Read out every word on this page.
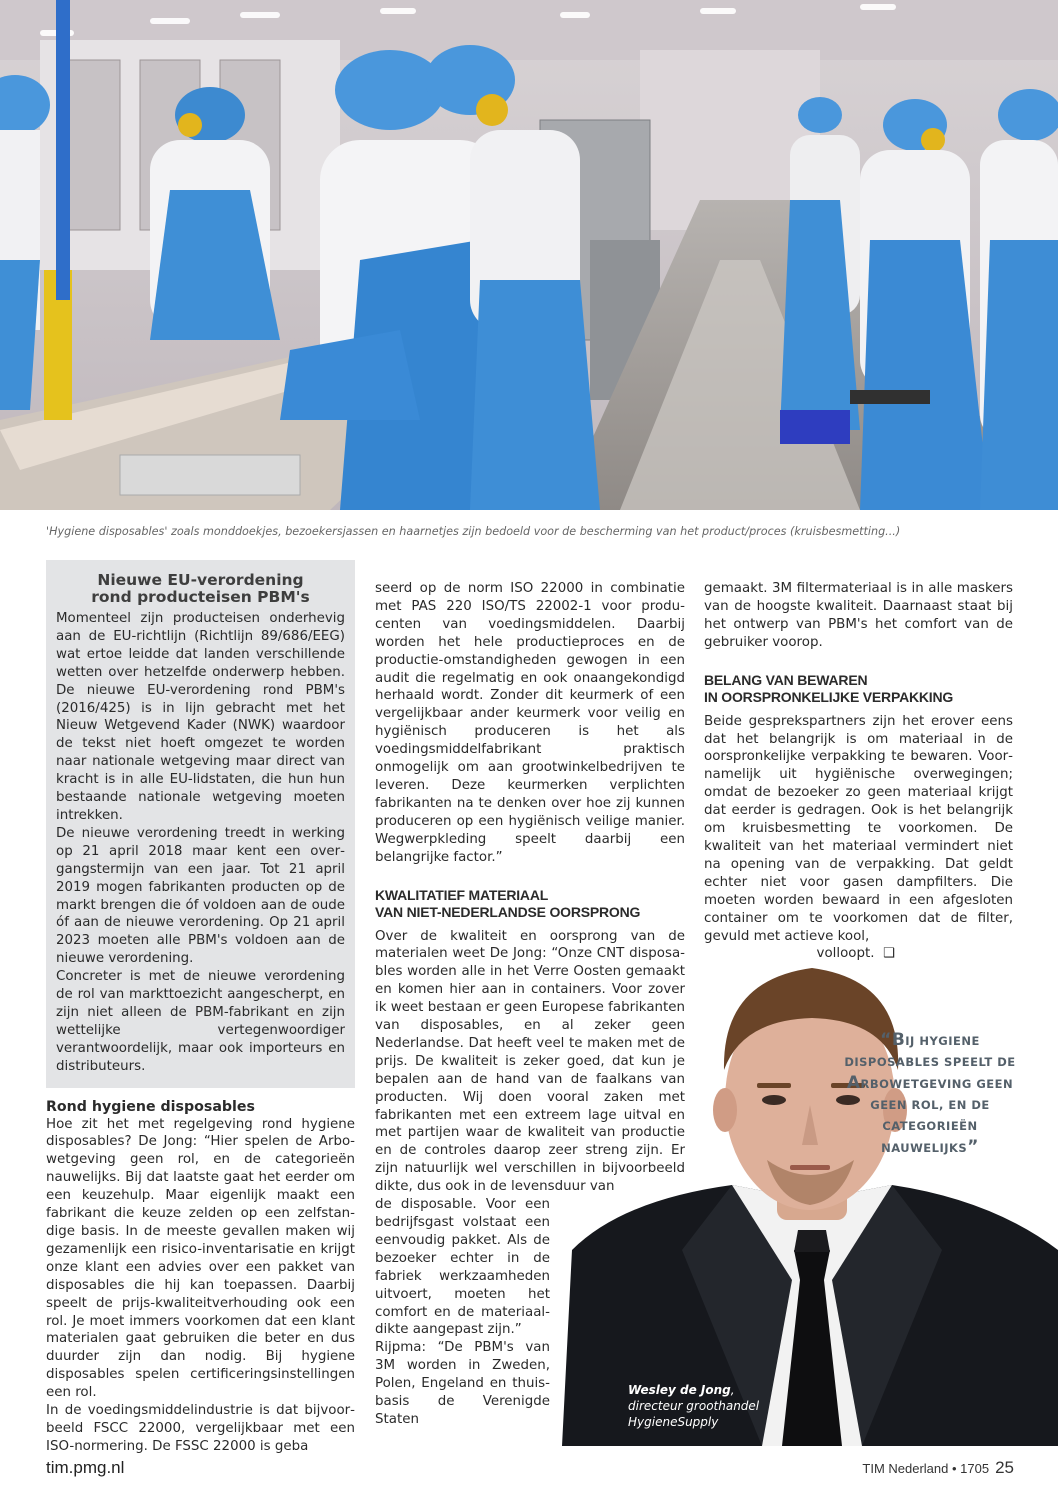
'Hygiene disposables' zoals monddoekjes, bezoekersjassen en haarnetjes zijn bedoeld voor de bescherming van het product/proces (kruisbesmetting...)
Nieuwe EU-verordening
rond producteisen PBM's

Momenteel zijn producteisen onderhevig aan de EU-richtlijn (Richtlijn 89/686/EEG) wat ertoe leidde dat landen verschillende wetten over hetzelfde onderwerp hebben. De nieuwe EU-verordening rond PBM's (2016/425) is in lijn gebracht met het Nieuw Wetgevend Kader (NWK) waardoor de tekst niet hoeft omgezet te worden naar nationale wetgeving maar direct van kracht is in alle EU-lidstaten, die hun hun bestaande nationale wetgeving moeten intrekken.

De nieuwe verordening treedt in werking op 21 april 2018 maar kent een overgangstermijn van een jaar. Tot 21 april 2019 mogen fabrikanten producten op de markt brengen die óf voldoen aan de oude óf aan de nieuwe verordening. Op 21 april 2023 moeten alle PBM's voldoen aan de nieuwe verordening.

Concreter is met de nieuwe verordening de rol van markttoezicht aangescherpt, en zijn niet alleen de PBM-fabrikant en zijn wettelijke vertegenwoordiger verantwoordelijk, maar ook importeurs en distributeurs.

Rond hygiene disposables

Hoe zit het met regelgeving rond hygiene disposables? De Jong: “Hier spelen de Arbowetgeving geen rol, en de categorieën nauwelijks. Bij dat laatste gaat het eerder om een keuzehulp. Maar eigenlijk maakt een fabrikant die keuze zelden op een zelfstandige basis. In de meeste gevallen maken wij gezamenlijk een risico-inventarisatie en krijgt onze klant een advies over een pakket van disposables die hij kan toepassen. Daarbij speelt de prijs-kwaliteitverhouding ook een rol. Je moet immers voorkomen dat een klant materialen gaat gebruiken die beter en dus duurder zijn dan nodig. Bij hygiene disposables spelen certificeringsinstellingen een rol.

In de voedingsmiddelindustrie is dat bijvoorbeeld FSCC 22000, vergelijkbaar met een ISO-normering. De FSSC 22000 is geba

seerd op de norm ISO 22000 in combinatie met PAS 220 ISO/TS 22002-1 voor producenten van voedingsmiddelen. Daarbij worden het hele productieproces en de productie-omstandigheden gewogen in een audit die regelmatig en ook onaangekondigd herhaald wordt. Zonder dit keurmerk of een vergelijkbaar ander keurmerk voor veilig en hygiënisch produceren is het als voedingsmiddelfabrikant praktisch onmogelijk om aan grootwinkelbedrijven te leveren. Deze keurmerken verplichten fabrikanten na te denken over hoe zij kunnen produceren op een hygiënisch veilige manier. Wegwerpkleding speelt daarbij een belangrijke factor.”

KWALITATIEF MATERIAAL
VAN NIET-NEDERLANDSE OORSPRONG

Over de kwaliteit en oorsprong van de materialen weet De Jong: “Onze CNT disposables worden alle in het Verre Oosten gemaakt en komen hier aan in containers. Voor zover ik weet bestaan er geen Europese fabrikanten van disposables, en al zeker geen Nederlandse. Dat heeft veel te maken met de prijs. De kwaliteit is zeker goed, dat kun je bepalen aan de hand van de faalkans van producten. Wij doen vooral zaken met fabrikanten met een extreem lage uitval en met partijen waar de kwaliteit van productie en de controles daarop zeer streng zijn. Er zijn natuurlijk wel verschillen in bijvoorbeeld dikte, dus ook in de levensduur van

de disposable. Voor een bedrijfsgast volstaat een eenvoudig pakket. Als de bezoeker echter in de fabriek werkzaamheden uitvoert, moeten het comfort en de materiaaldikte aangepast zijn.”

Rijpma: “De PBM's van 3M worden in Zweden, Polen, Engeland en thuisbasis de Verenigde Staten

gemaakt. 3M filtermateriaal is in alle maskers van de hoogste kwaliteit. Daarnaast staat bij het ontwerp van PBM's het comfort van de gebruiker voorop.

BELANG VAN BEWAREN
IN OORSPRONKELIJKE VERPAKKING

Beide gesprekspartners zijn het erover eens dat het belangrijk is om materiaal in de oorspronkelijke verpakking te bewaren. Voornamelijk uit hygiënische overwegingen; omdat de bezoeker zo geen materiaal krijgt dat eerder is gedragen. Ook is het belangrijk om kruisbesmetting te voorkomen. De kwaliteit van het materiaal vermindert niet na opening van de verpakking. Dat geldt echter niet voor gasen dampfilters. Die moeten worden bewaard in een afgesloten container om te voorkomen dat de filter, gevuld met actieve kool,

volloopt. ❑

“BIJ HYGIENE
DISPOSABLES SPEELT DE
ARBOWETGEVING GEEN
GEEN ROL, EN DE
CATEGORIEËN
NAUWELIJKS”
Wesley de Jong,
directeur groothandel
HygieneSupply
tim.pmg.nl	TIM Nederland • 1705 25
